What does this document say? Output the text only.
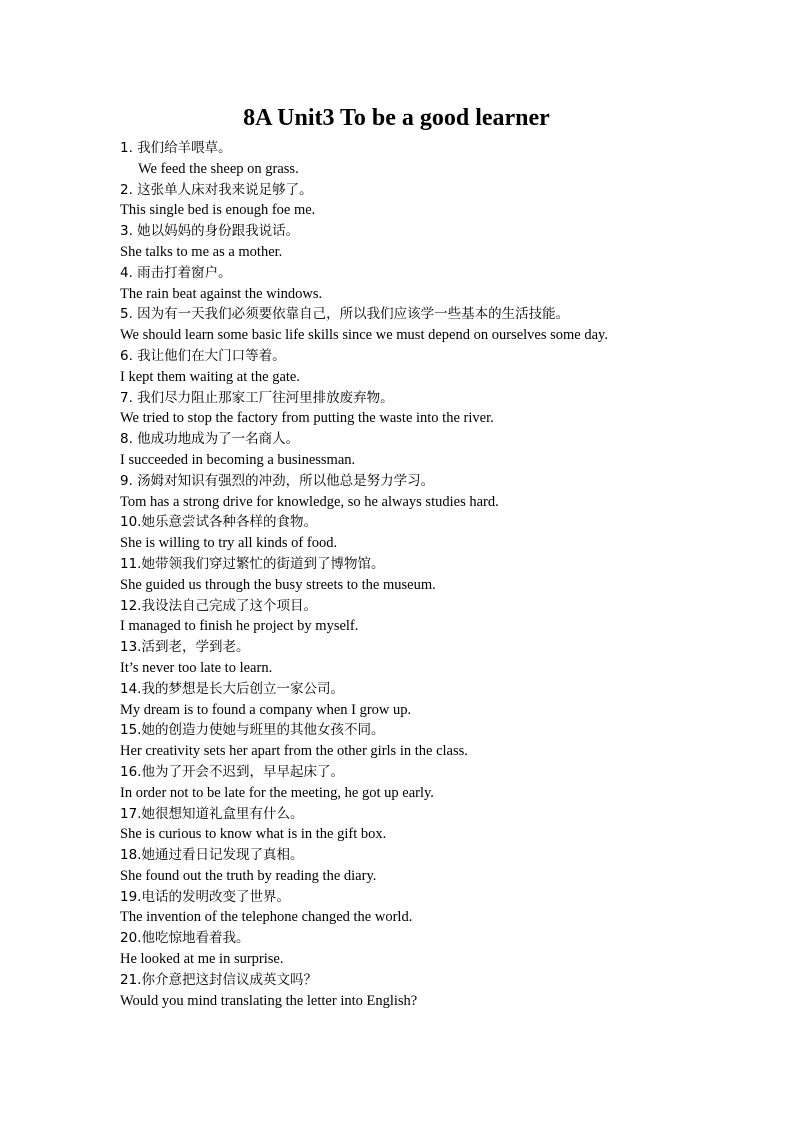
8A Unit3 To be a good learner
1. 我们给羊喂草。
We feed the sheep on grass.
2. 这张单人床对我来说足够了。
This single bed is enough foe me.
3. 她以妈妈的身份跟我说话。
She talks to me as a mother.
4. 雨击打着窗户。
The rain beat against the windows.
5. 因为有一天我们必须要依靠自己，所以我们应该学一些基本的生活技能。
We should learn some basic life skills since we must depend on ourselves some day.
6. 我让他们在大门口等着。
I kept them waiting at the gate.
7. 我们尽力阻止那家工厂往河里排放废弃物。
We tried to stop the factory from putting the waste into the river.
8. 他成功地成为了一名商人。
I succeeded in becoming a businessman.
9. 汤姆对知识有强烈的冲劲，所以他总是努力学习。
Tom has a strong drive for knowledge, so he always studies hard.
10.她乐意尝试各种各样的食物。
She is willing to try all kinds of food.
11.她带领我们穿过繁忙的街道到了博物馆。
She guided us through the busy streets to the museum.
12.我设法自己完成了这个项目。
I managed to finish he project by myself.
13.活到老，学到老。
It’s never too late to learn.
14.我的梦想是长大后创立一家公司。
My dream is to found a company when I grow up.
15.她的创造力使她与班里的其他女孩不同。
Her creativity sets her apart from the other girls in the class.
16.他为了开会不迟到，早早起床了。
In order not to be late for the meeting, he got up early.
17.她很想知道礼盒里有什么。
She is curious to know what is in the gift box.
18.她通过看日记发现了真相。
She found out the truth by reading the diary.
19.电话的发明改变了世界。
The invention of the telephone changed the world.
20.他吃惊地看着我。
He looked at me in surprise.
21.你介意把这封信议成英文吗？
Would you mind translating the letter into English?
